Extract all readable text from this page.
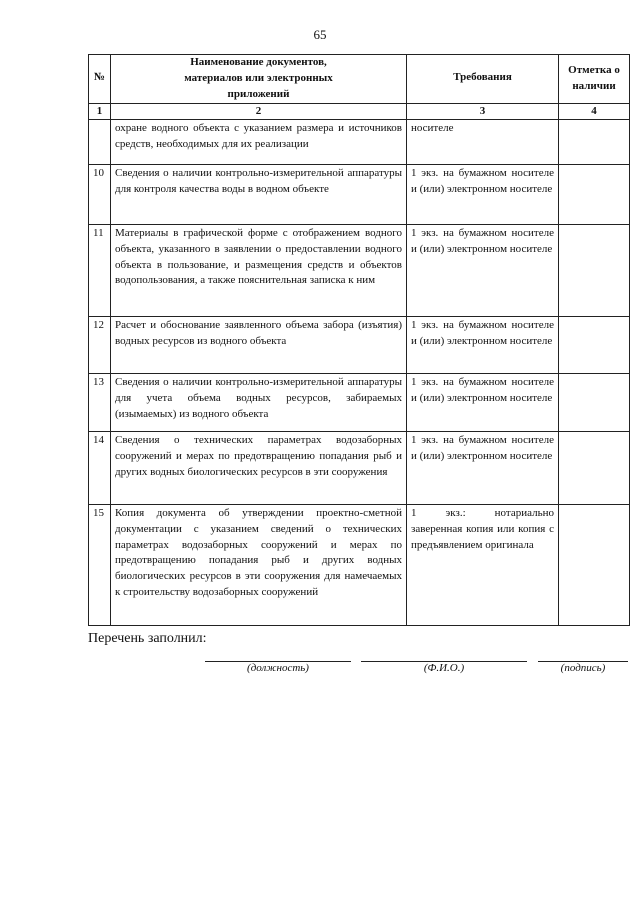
65
№	Наименование документов, материалов или электронных приложений	Требования	Отметка о наличии
1	2	3	4
	охране водного объекта с указанием размера и источников средств, необходимых для их реализации	носителе	
10	Сведения о наличии контрольно-измерительной аппаратуры для контроля качества воды в водном объекте	1 экз. на бумажном носителе и (или) электронном носителе	
11	Материалы в графической форме с отображением водного объекта, указанного в заявлении о предоставлении водного объекта в пользование, и размещения средств и объектов водопользования, а также пояснительная записка к ним	1 экз. на бумажном носителе и (или) электронном носителе	
12	Расчет и обоснование заявленного объема забора (изъятия) водных ресурсов из водного объекта	1 экз. на бумажном носителе и (или) электронном носителе	
13	Сведения о наличии контрольно-измерительной аппаратуры для учета объема водных ресурсов, забираемых (изымаемых) из водного объекта	1 экз. на бумажном носителе и (или) электронном носителе	
14	Сведения о технических параметрах водозаборных сооружений и мерах по предотвращению попадания рыб и других водных биологических ресурсов в эти сооружения	1 экз. на бумажном носителе и (или) электронном носителе	
15	Копия документа об утверждении проектно-сметной документации с указанием сведений о технических параметрах водозаборных сооружений и мерах по предотвращению попадания рыб и других водных биологических ресурсов в эти сооружения для намечаемых к строительству водозаборных сооружений	1 экз.: нотариально заверенная копия или копия с предъявлением оригинала	
Перечень заполнил:
(должность)	(Ф.И.О.)	(подпись)
